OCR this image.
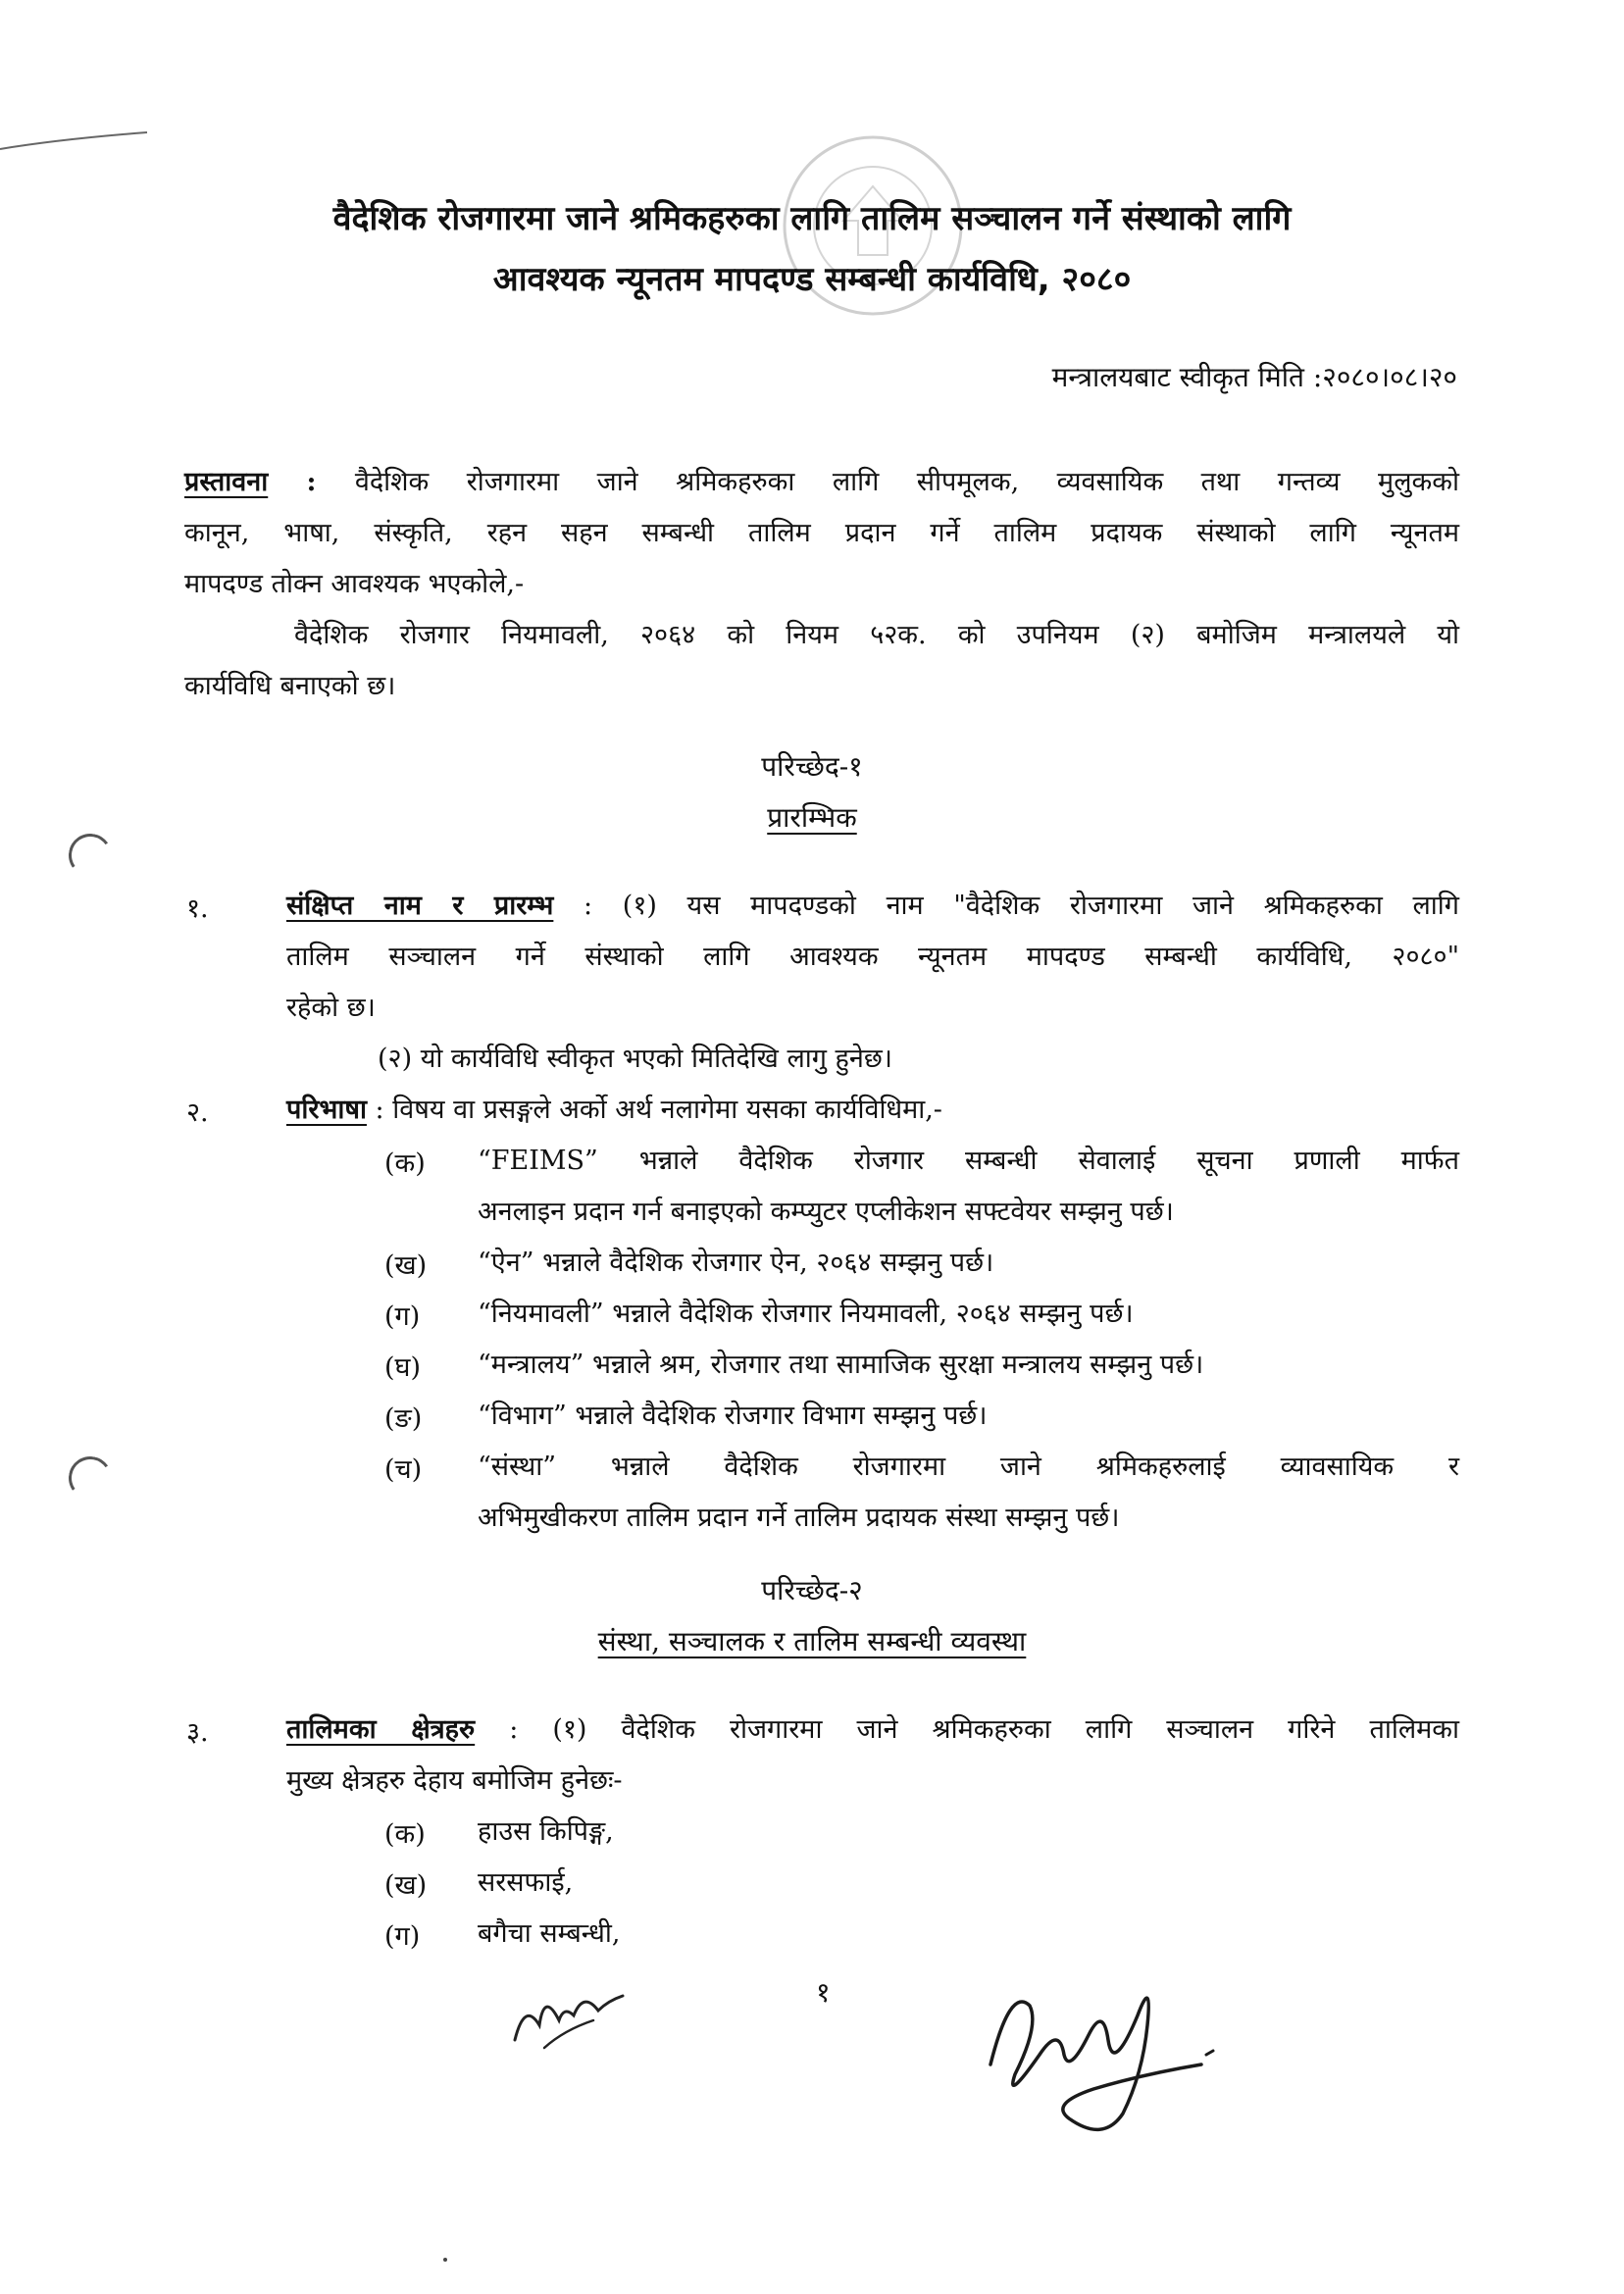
वैदेशिक रोजगारमा जाने श्रमिकहरुका लागि तालिम सञ्चालन गर्ने संस्थाको लागि
आवश्यक न्यूनतम मापदण्ड सम्बन्धी कार्यविधि, २०८०
मन्त्रालयबाट स्वीकृत मिति :२०८०।०८।२०
प्रस्तावना : वैदेशिक रोजगारमा जाने श्रमिकहरुका लागि सीपमूलक, व्यवसायिक तथा गन्तव्य मुलुकको
कानून, भाषा, संस्कृति, रहन सहन सम्बन्धी तालिम प्रदान गर्ने तालिम प्रदायक संस्थाको लागि न्यूनतम
मापदण्ड तोक्न आवश्यक भएकोले,-
वैदेशिक रोजगार नियमावली, २०६४ को नियम ५२क. को उपनियम (२) बमोजिम मन्त्रालयले यो
कार्यविधि बनाएको छ।
परिच्छेद-१
प्रारम्भिक
१.	संक्षिप्त नाम र प्रारम्भ : (१) यस मापदण्डको नाम "वैदेशिक रोजगारमा जाने श्रमिकहरुका लागि
तालिम सञ्चालन गर्ने संस्थाको लागि आवश्यक न्यूनतम मापदण्ड सम्बन्धी कार्यविधि, २०८०"
रहेको छ।
(२) यो कार्यविधि स्वीकृत भएको मितिदेखि लागु हुनेछ।
२.	परिभाषा : विषय वा प्रसङ्गले अर्को अर्थ नलागेमा यसका कार्यविधिमा,-
(क) “FEIMS” भन्नाले वैदेशिक रोजगार सम्बन्धी सेवालाई सूचना प्रणाली मार्फत
अनलाइन प्रदान गर्न बनाइएको कम्प्युटर एप्लीकेशन सफ्टवेयर सम्झनु पर्छ।
(ख) “ऐन” भन्नाले वैदेशिक रोजगार ऐन, २०६४ सम्झनु पर्छ।
(ग) “नियमावली” भन्नाले वैदेशिक रोजगार नियमावली, २०६४ सम्झनु पर्छ।
(घ) “मन्त्रालय” भन्नाले श्रम, रोजगार तथा सामाजिक सुरक्षा मन्त्रालय सम्झनु पर्छ।
(ङ) “विभाग” भन्नाले वैदेशिक रोजगार विभाग सम्झनु पर्छ।
(च) “संस्था” भन्नाले वैदेशिक रोजगारमा जाने श्रमिकहरुलाई व्यावसायिक र
अभिमुखीकरण तालिम प्रदान गर्ने तालिम प्रदायक संस्था सम्झनु पर्छ।
परिच्छेद-२
संस्था, सञ्चालक र तालिम सम्बन्धी व्यवस्था
३.	तालिमका क्षेत्रहरु : (१) वैदेशिक रोजगारमा जाने श्रमिकहरुका लागि सञ्चालन गरिने तालिमका
मुख्य क्षेत्रहरु देहाय बमोजिम हुनेछः-
(क) हाउस किपिङ्ग,
(ख) सरसफाई,
(ग) बगैचा सम्बन्धी,
१
